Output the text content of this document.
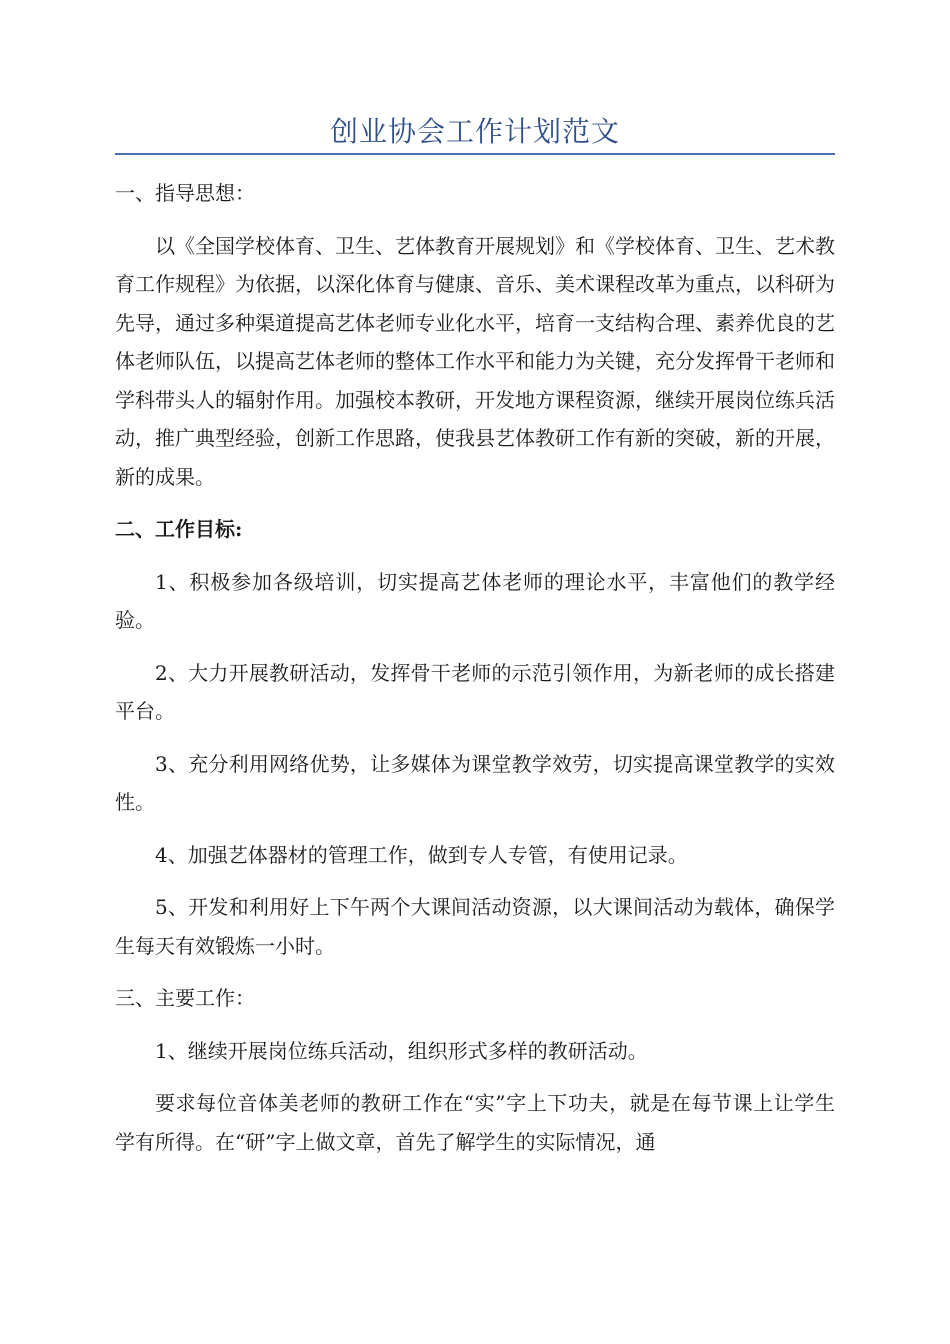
创业协会工作计划范文

一、指导思想：

以《全国学校体育、卫生、艺体教育开展规划》和《学校体育、卫生、艺术教育工作规程》为依据，以深化体育与健康、音乐、美术课程改革为重点，以科研为先导，通过多种渠道提高艺体老师专业化水平，培育一支结构合理、素养优良的艺体老师队伍，以提高艺体老师的整体工作水平和能力为关键，充分发挥骨干老师和学科带头人的辐射作用。加强校本教研，开发地方课程资源，继续开展岗位练兵活动，推广典型经验，创新工作思路，使我县艺体教研工作有新的突破，新的开展，新的成果。

二、工作目标:

1、积极参加各级培训，切实提高艺体老师的理论水平，丰富他们的教学经验。

2、大力开展教研活动，发挥骨干老师的示范引领作用，为新老师的成长搭建平台。

3、充分利用网络优势，让多媒体为课堂教学效劳，切实提高课堂教学的实效性。

4、加强艺体器材的管理工作，做到专人专管，有使用记录。

5、开发和利用好上下午两个大课间活动资源，以大课间活动为载体，确保学生每天有效锻炼一小时。

三、主要工作：

1、继续开展岗位练兵活动，组织形式多样的教研活动。

要求每位音体美老师的教研工作在“实”字上下功夫，就是在每节课上让学生学有所得。在“研”字上做文章，首先了解学生的实际情况，通
